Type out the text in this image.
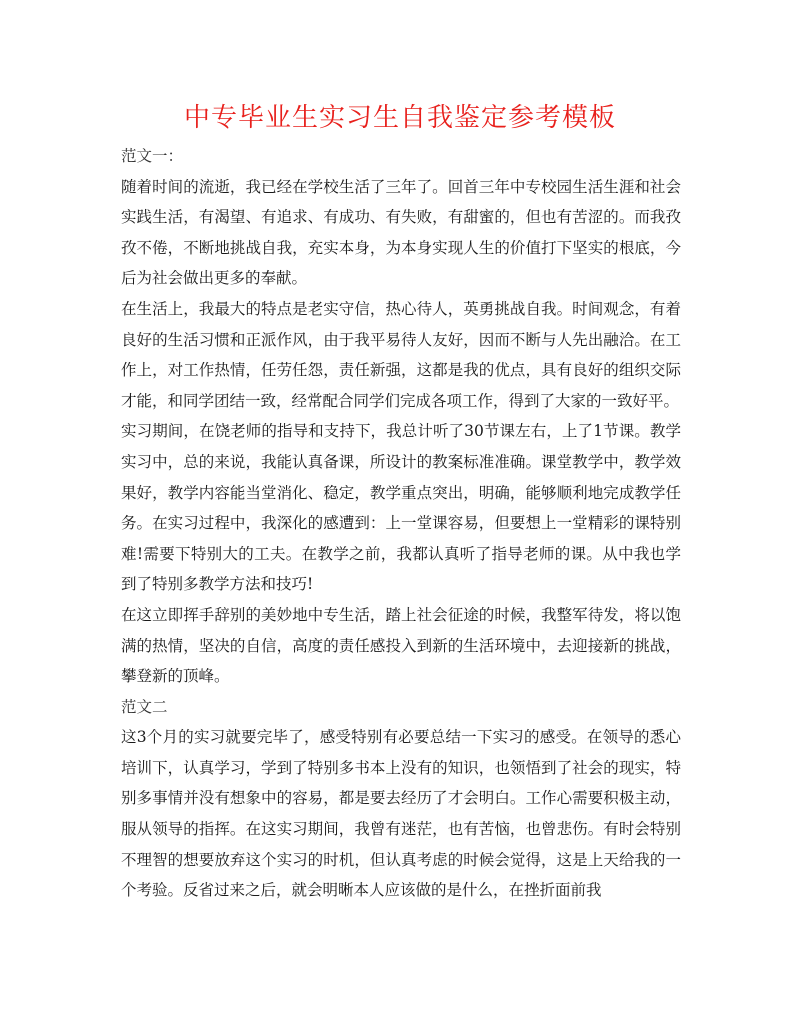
中专毕业生实习生自我鉴定参考模板

范文一：

随着时间的流逝，我已经在学校生活了三年了。回首三年中专校园生活生涯和社会实践生活，有渴望、有追求、有成功、有失败，有甜蜜的，但也有苦涩的。而我孜孜不倦，不断地挑战自我，充实本身，为本身实现人生的价值打下坚实的根底，今后为社会做出更多的奉献。

在生活上，我最大的特点是老实守信，热心待人，英勇挑战自我。时间观念，有着良好的生活习惯和正派作风，由于我平易待人友好，因而不断与人先出融洽。在工作上，对工作热情，任劳任怨，责任新强，这都是我的优点，具有良好的组织交际才能，和同学团结一致，经常配合同学们完成各项工作，得到了大家的一致好平。

实习期间，在饶老师的指导和支持下，我总计听了30节课左右，上了1节课。教学实习中，总的来说，我能认真备课，所设计的教案标准准确。课堂教学中，教学效果好，教学内容能当堂消化、稳定，教学重点突出，明确，能够顺利地完成教学任务。在实习过程中，我深化的感遭到：上一堂课容易，但要想上一堂精彩的课特别难!需要下特别大的工夫。在教学之前，我都认真听了指导老师的课。从中我也学到了特别多教学方法和技巧!

在这立即挥手辞别的美妙地中专生活，踏上社会征途的时候，我整军待发，将以饱满的热情，坚决的自信，高度的责任感投入到新的生活环境中，去迎接新的挑战，攀登新的顶峰。

范文二

这3个月的实习就要完毕了，感受特别有必要总结一下实习的感受。在领导的悉心培训下，认真学习，学到了特别多书本上没有的知识，也领悟到了社会的现实，特别多事情并没有想象中的容易，都是要去经历了才会明白。工作心需要积极主动，服从领导的指挥。在这实习期间，我曾有迷茫，也有苦恼，也曾悲伤。有时会特别不理智的想要放弃这个实习的时机，但认真考虑的时候会觉得，这是上天给我的一个考验。反省过来之后，就会明晰本人应该做的是什么，在挫折面前我
